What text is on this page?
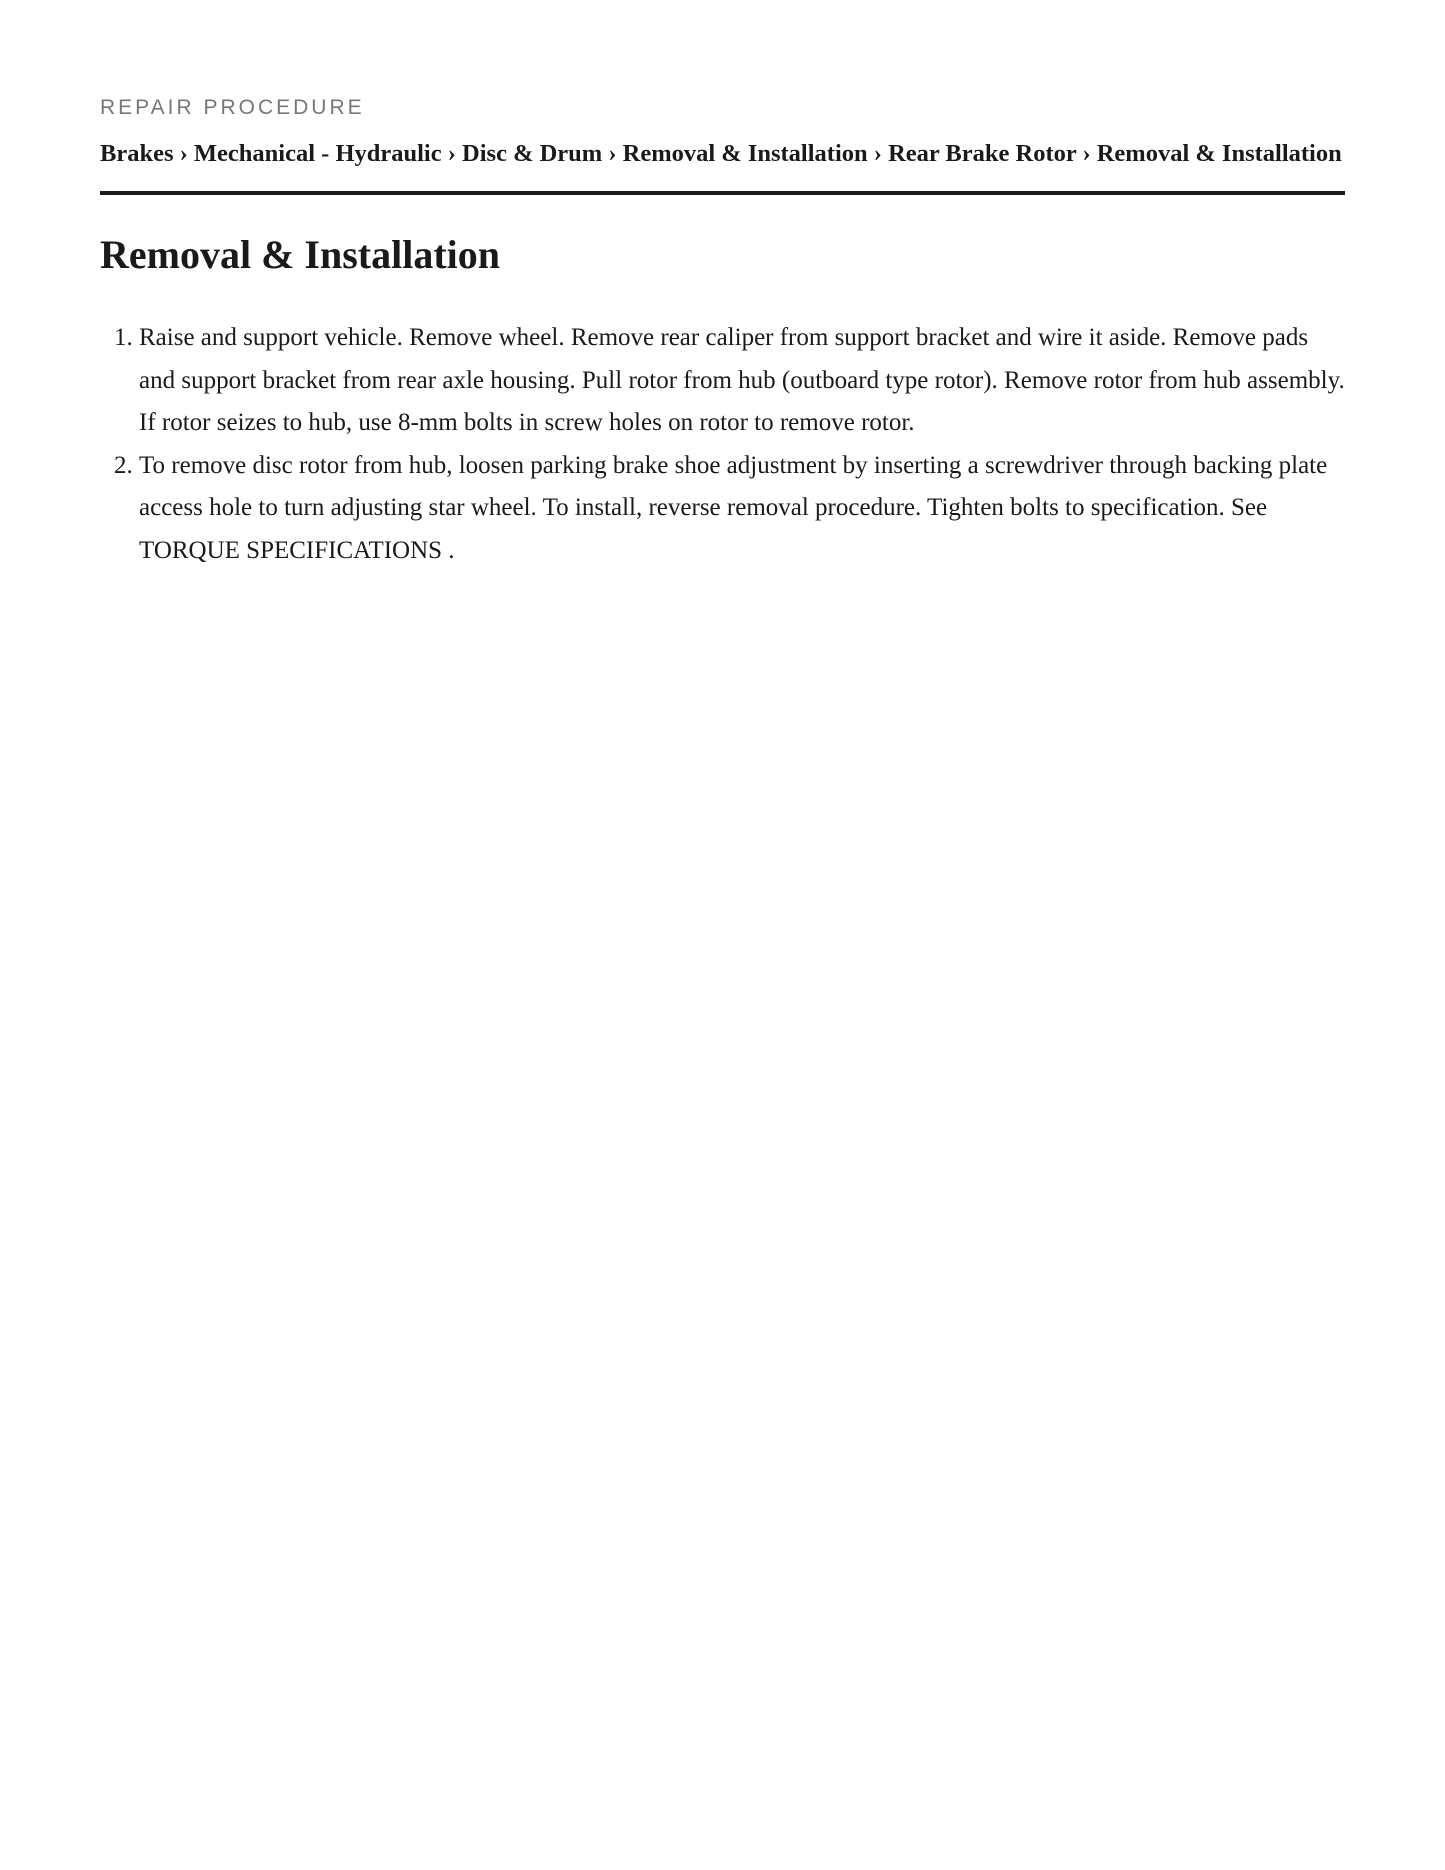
REPAIR PROCEDURE

Brakes › Mechanical - Hydraulic › Disc & Drum › Removal & Installation › Rear Brake Rotor › Removal & Installation
Removal & Installation
1. Raise and support vehicle. Remove wheel. Remove rear caliper from support bracket and wire it aside. Remove pads and support bracket from rear axle housing. Pull rotor from hub (outboard type rotor). Remove rotor from hub assembly. If rotor seizes to hub, use 8-mm bolts in screw holes on rotor to remove rotor.
2. To remove disc rotor from hub, loosen parking brake shoe adjustment by inserting a screwdriver through backing plate access hole to turn adjusting star wheel. To install, reverse removal procedure. Tighten bolts to specification. See TORQUE SPECIFICATIONS .
